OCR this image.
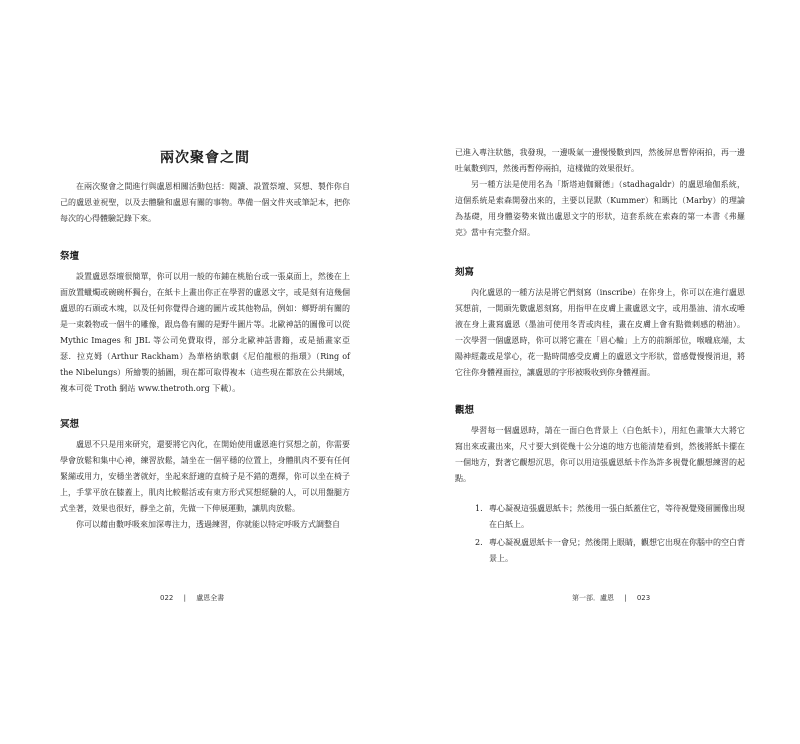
兩次聚會之間

在兩次聚會之間進行與盧恩相關活動包括：閱讀、設置祭壇、冥想、製作你自己的盧恩並祝聖，以及去體驗和盧恩有關的事物。準備一個文件夾或筆記本，把你每次的心得體驗記錄下來。

祭壇

設置盧恩祭壇很簡單，你可以用一般的布鋪在桃胎台或一張桌面上，然後在上面放置蠟燭或碗碗杯獨台，在紙卡上畫出你正在學習的盧恩文字，或是刻有這幾個盧恩的石頭或木塊，以及任何你覺得合適的圖片或其他物品，例如：鄉野胡有關的是一束穀物或一個牛的雕像，跟烏魯有關的是野牛圖片等。北歐神話的圖像可以從 Mythic Images 和 JBL 等公司免費取得，部分北歐神話書籍，或是插畫家亞瑟．拉克姆（Arthur Rackham）為華格納歌劇《尼伯龍根的指環》（Ring of the Nibelungs）所繪製的插圖，現在都可取得複本（這些現在都放在公共網域，複本可從 Troth 網站 www.thetroth.org 下載）。

冥想

盧恩不只是用來研究，還要將它內化，在開始使用盧恩進行冥想之前，你需要學會放鬆和集中心神，練習放鬆，請坐在一個平穩的位置上，身體肌肉不要有任何緊繃或用力，安穩坐著就好，坐起來舒適的直椅子是不錯的選擇，你可以坐在椅子上，手掌平放在膝蓋上，肌肉比較鬆活或有東方形式冥想經驗的人，可以用盤腿方式坐著，效果也很好，靜坐之前，先做一下伸展運動，讓肌肉放鬆。

你可以藉由數呼吸來加深專注力，透過練習，你就能以特定呼吸方式調整自

022 | 盧恩全書

已進入專注狀態，我發現，一邊吸氣一邊慢慢數到四，然後屏息暫停兩拍，再一邊吐氣數到四，然後再暫停兩拍，這樣做的效果很好。

另一種方法是使用名為「斯塔迪伽爾德」（stadhagaldr）的盧恩瑜伽系統，這個系統是索森開發出來的，主要以昆默（Kummer）和瑪比（Marby）的理論為基礎，用身體姿勢來做出盧恩文字的形狀，這套系統在索森的第一本書《弗羅克》當中有完整介紹。

刻寫

內化盧恩的一種方法是將它們刻寫（inscribe）在你身上，你可以在進行盧恩冥想前，一開頭先數盧恩刻寫，用指甲在皮膚上畫盧恩文字，或用墨油、清水或唾液在身上畫寫盧恩（墨油可使用冬青或肉桂，畫在皮膚上會有點微刺感的精油）。一次學習一個盧恩時，你可以將它畫在「眉心輪」上方的前額部位，喉嚨底端，太陽神經叢或是掌心，花一點時間感受皮膚上的盧恩文字形狀，當感覺慢慢消退，將它往你身體裡面拉，讓盧恩的字形被吸收到你身體裡面。

觀想

學習每一個盧恩時，請在一面白色背景上（白色紙卡），用紅色畫筆大大將它寫出來或畫出來，尺寸要大到從幾十公分遠的地方也能清楚看到，然後將紙卡擺在一個地方，對著它觀想沉思，你可以用這張盧恩紙卡作為許多視覺化觀想練習的起點。

1. 專心凝視這張盧恩紙卡；然後用一張白紙蓋住它，等待視覺殘留圖像出現在白紙上。
2. 專心凝視盧恩紙卡一會兒；然後閉上眼睛，觀想它出現在你腦中的空白背景上。
第一部．盧恩 | 023
